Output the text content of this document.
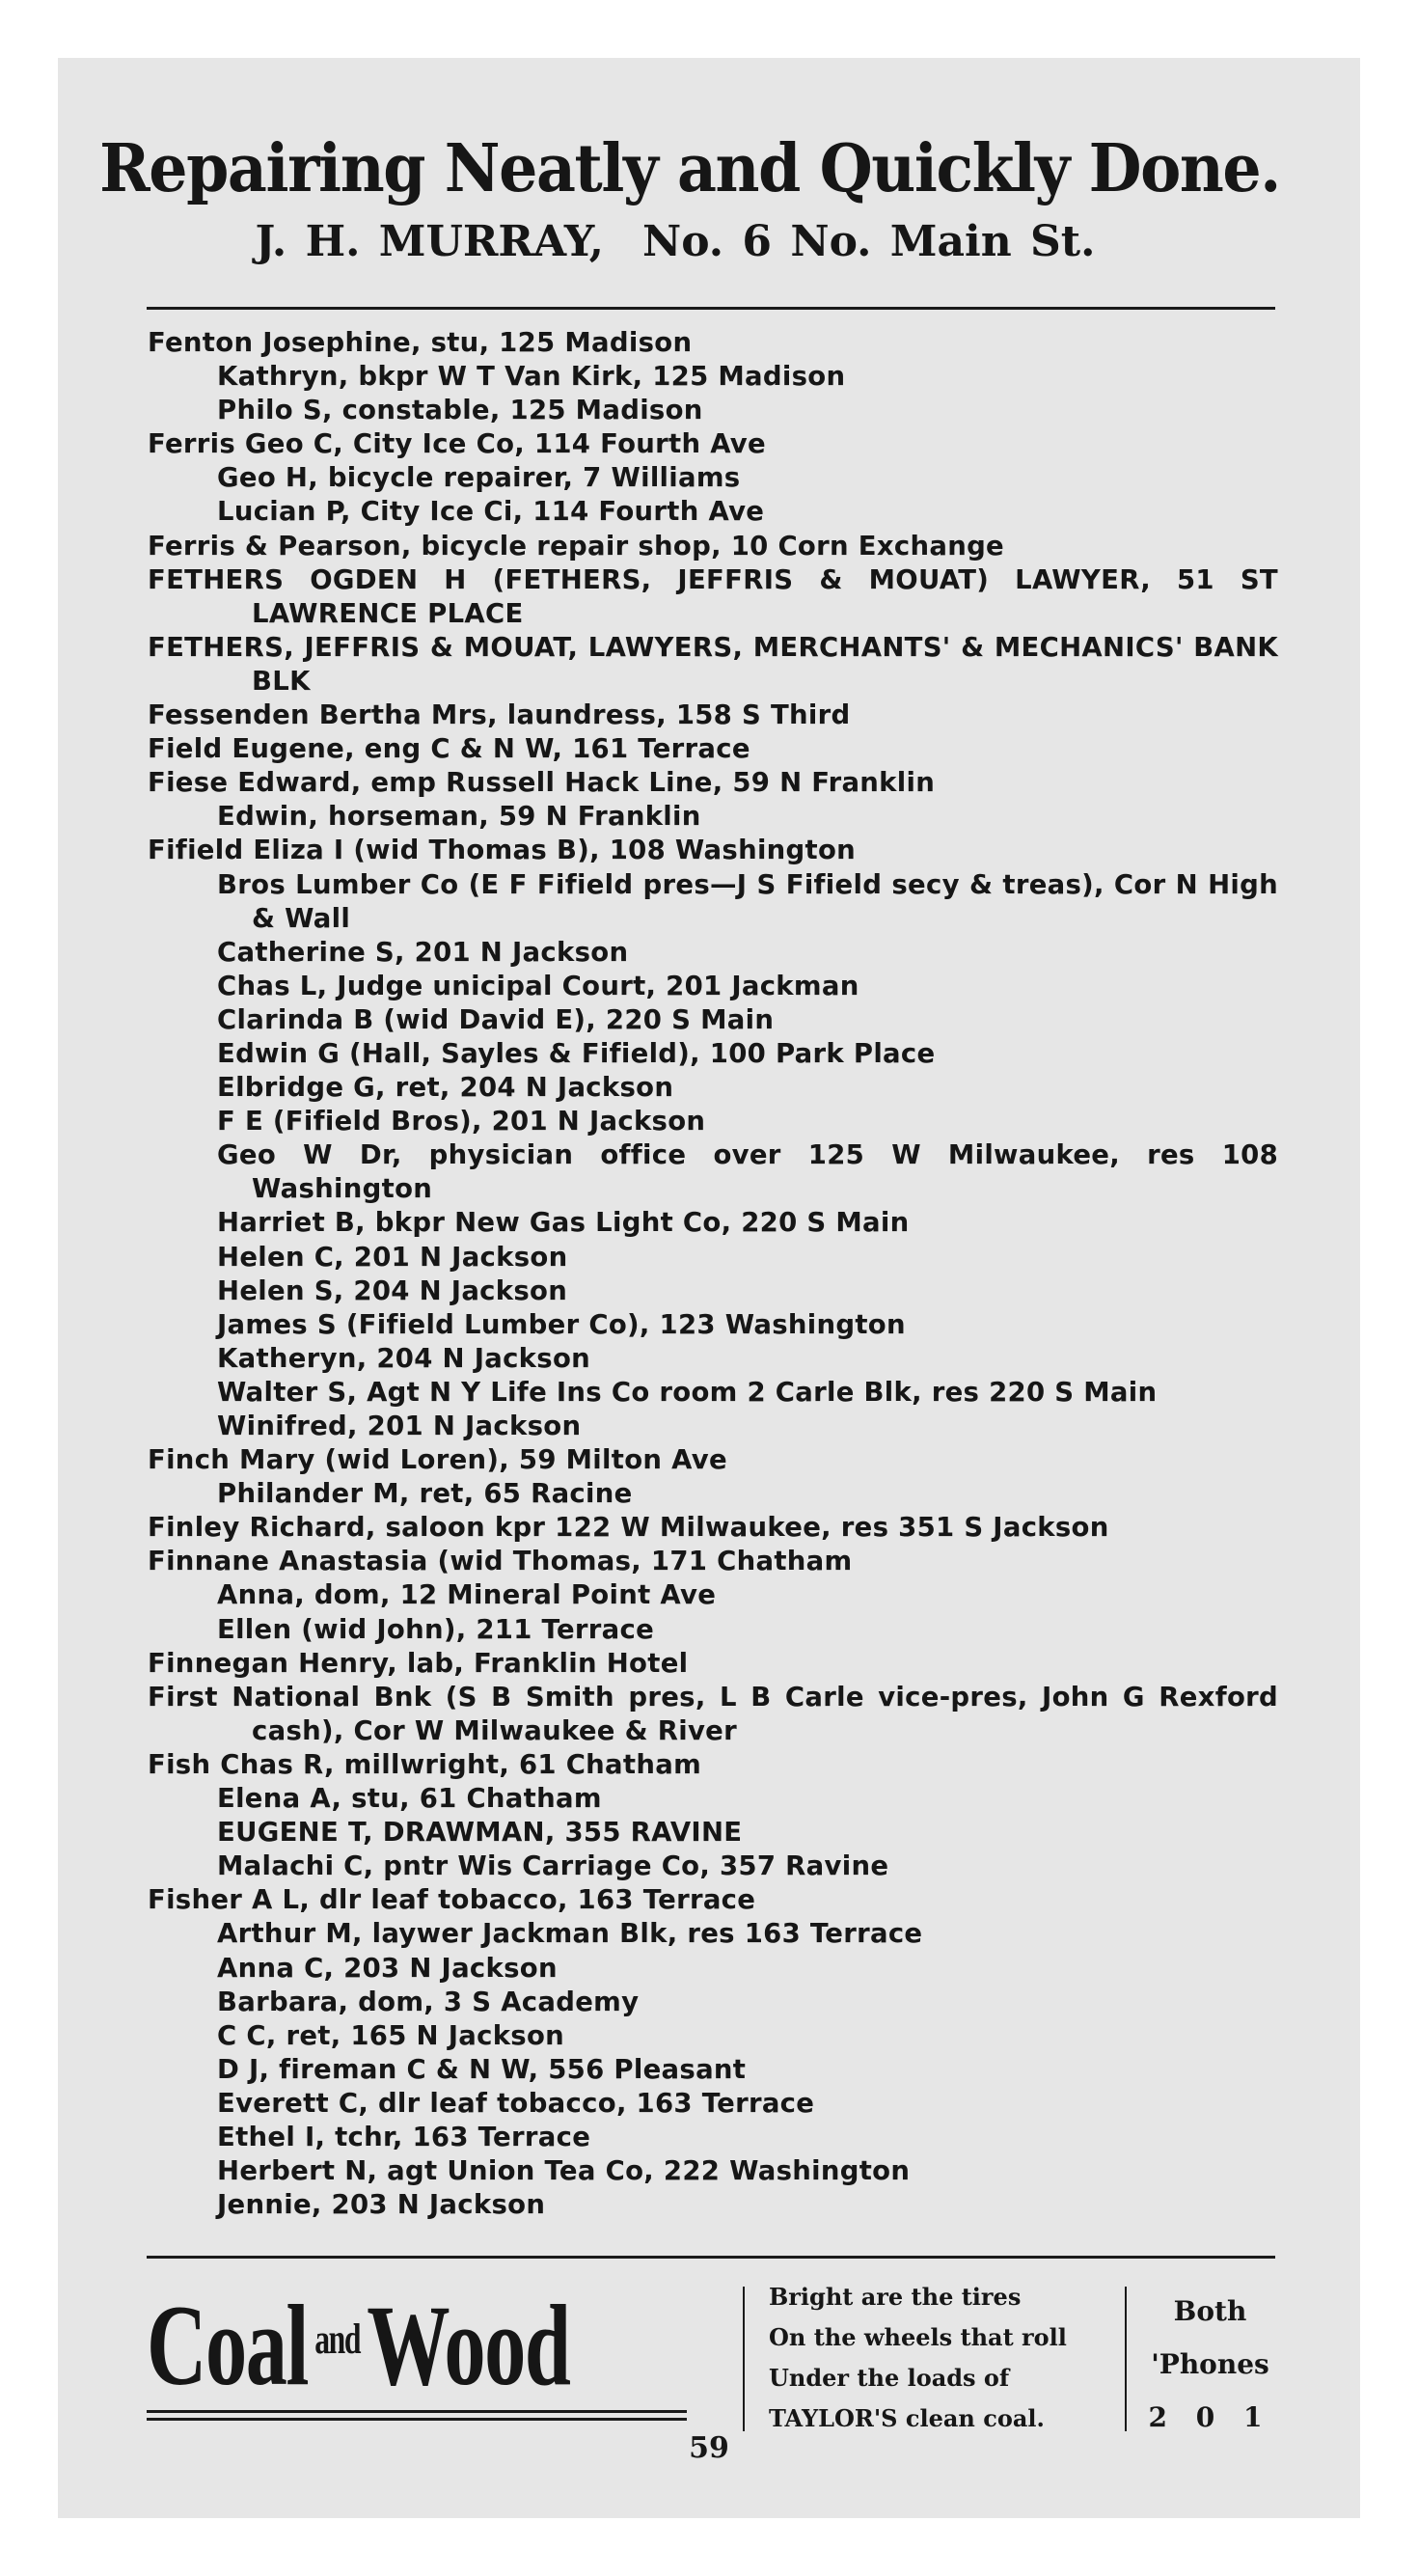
Repairing Neatly and Quickly Done.
J. H. MURRAY, No. 6 No. Main St.
Fenton Josephine, stu, 125 Madison
Kathryn, bkpr W T Van Kirk, 125 Madison
Philo S, constable, 125 Madison
Ferris Geo C, City Ice Co, 114 Fourth Ave
Geo H, bicycle repairer, 7 Williams
Lucian P, City Ice Ci, 114 Fourth Ave
Ferris & Pearson, bicycle repair shop, 10 Corn Exchange
FETHERS OGDEN H (FETHERS, JEFFRIS & MOUAT) LAWYER, 51 ST LAWRENCE PLACE
FETHERS, JEFFRIS & MOUAT, LAWYERS, MERCHANTS' & MECHANICS' BANK BLK
Fessenden Bertha Mrs, laundress, 158 S Third
Field Eugene, eng C & N W, 161 Terrace
Fiese Edward, emp Russell Hack Line, 59 N Franklin
Edwin, horseman, 59 N Franklin
Fifield Eliza I (wid Thomas B), 108 Washington
Bros Lumber Co (E F Fifield pres—J S Fifield secy & treas), Cor N High & Wall
Catherine S, 201 N Jackson
Chas L, Judge unicipal Court, 201 Jackman
Clarinda B (wid David E), 220 S Main
Edwin G (Hall, Sayles & Fifield), 100 Park Place
Elbridge G, ret, 204 N Jackson
F E (Fifield Bros), 201 N Jackson
Geo W Dr, physician office over 125 W Milwaukee, res 108 Washington
Harriet B, bkpr New Gas Light Co, 220 S Main
Helen C, 201 N Jackson
Helen S, 204 N Jackson
James S (Fifield Lumber Co), 123 Washington
Katheryn, 204 N Jackson
Walter S, Agt N Y Life Ins Co room 2 Carle Blk, res 220 S Main
Winifred, 201 N Jackson
Finch Mary (wid Loren), 59 Milton Ave
Philander M, ret, 65 Racine
Finley Richard, saloon kpr 122 W Milwaukee, res 351 S Jackson
Finnane Anastasia (wid Thomas, 171 Chatham
Anna, dom, 12 Mineral Point Ave
Ellen (wid John), 211 Terrace
Finnegan Henry, lab, Franklin Hotel
First National Bnk (S B Smith pres, L B Carle vice-pres, John G Rexford cash), Cor W Milwaukee & River
Fish Chas R, millwright, 61 Chatham
Elena A, stu, 61 Chatham
EUGENE T, DRAWMAN, 355 RAVINE
Malachi C, pntr Wis Carriage Co, 357 Ravine
Fisher A L, dlr leaf tobacco, 163 Terrace
Arthur M, laywer Jackman Blk, res 163 Terrace
Anna C, 203 N Jackson
Barbara, dom, 3 S Academy
C C, ret, 165 N Jackson
D J, fireman C & N W, 556 Pleasant
Everett C, dlr leaf tobacco, 163 Terrace
Ethel I, tchr, 163 Terrace
Herbert N, agt Union Tea Co, 222 Washington
Jennie, 203 N Jackson
Coal $^{and}$Wood	Bright are the tires
On the wheels that roll
Under the loads of
TAYLOR'S clean coal.
Both
'Phones
2 0 1
59
